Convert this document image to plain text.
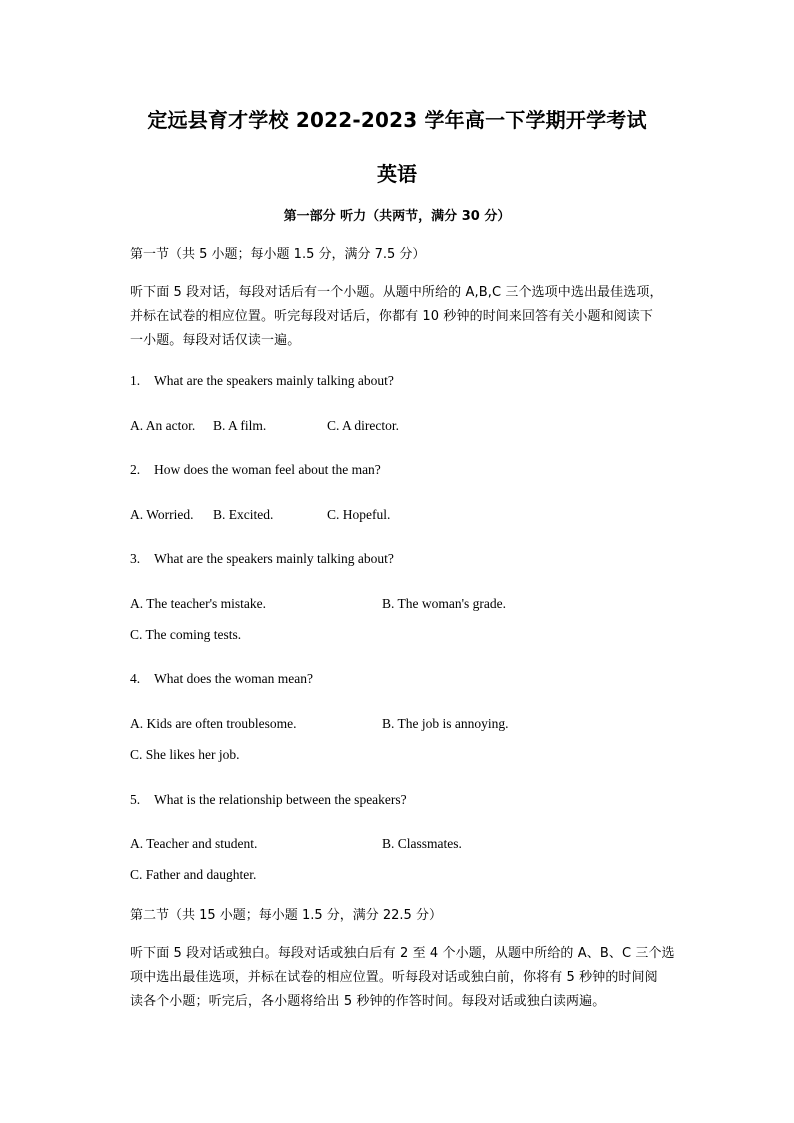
定远县育才学校 2022-2023 学年高一下学期开学考试
英语
第一部分 听力（共两节，满分 30 分）
第一节（共 5 小题；每小题 1.5 分，满分 7.5 分）
听下面 5 段对话，每段对话后有一个小题。从题中所给的 A,B,C 三个选项中选出最佳选项，
并标在试卷的相应位置。听完每段对话后，你都有 10 秒钟的时间来回答有关小题和阅读下
一小题。每段对话仅读一遍。
1. What are the speakers mainly talking about?
A. An actor. B. A film.	C. A director.
2. How does the woman feel about the man?
A. Worried. B. Excited.	C. Hopeful.
3. What are the speakers mainly talking about?
A. The teacher's mistake.	B. The woman's grade.
C. The coming tests.
4. What does the woman mean?
A. Kids are often troublesome.	B. The job is annoying.
C. She likes her job.
5. What is the relationship between the speakers?
A. Teacher and student.	B. Classmates.
C. Father and daughter.
第二节（共 15 小题；每小题 1.5 分，满分 22.5 分）
听下面 5 段对话或独白。每段对话或独白后有 2 至 4 个小题，从题中所给的 A、B、C 三个选
项中选出最佳选项，并标在试卷的相应位置。听每段对话或独白前，你将有 5 秒钟的时间阅
读各个小题；听完后，各小题将给出 5 秒钟的作答时间。每段对话或独白读两遍。
